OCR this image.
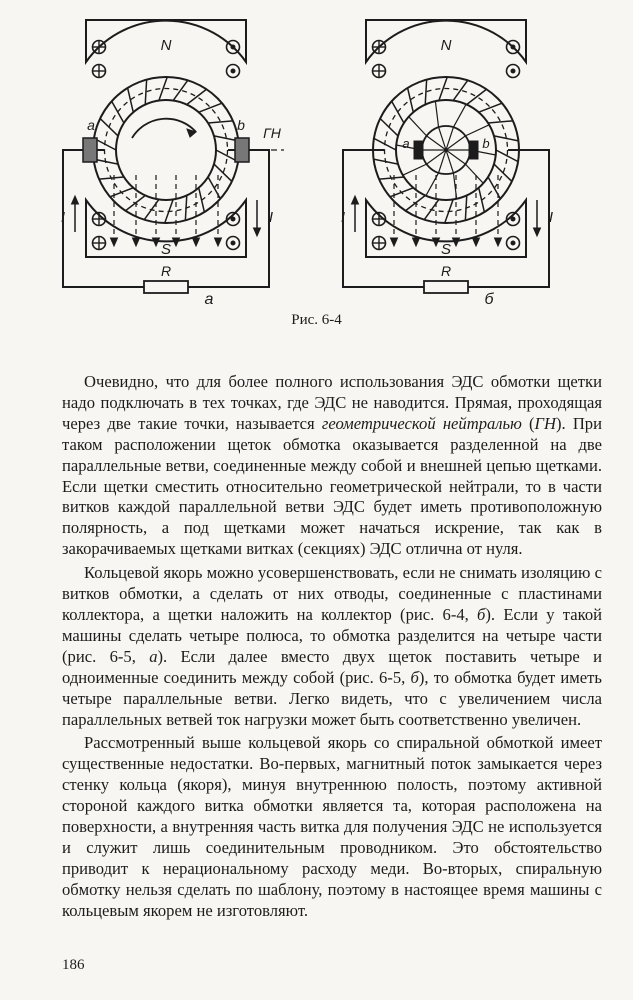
N
S
R
I	I
а
a	b ГН
N
S
R
I	I
б
a	b
Рис. 6-4

Очевидно, что для более полного использования ЭДС обмотки щетки надо подключать в тех точках, где ЭДС не наводится. Прямая, проходящая через две такие точки, называется геометрической нейтралью (ГН). При таком расположении щеток обмотка оказывается разделенной на две параллельные ветви, соединенные между собой и внешней цепью щетками. Если щетки сместить относительно геометрической нейтрали, то в части витков каждой параллельной ветви ЭДС будет иметь противоположную полярность, а под щетками может начаться искрение, так как в закорачиваемых щетками витках (секциях) ЭДС отлична от нуля.

Кольцевой якорь можно усовершенствовать, если не снимать изоляцию с витков обмотки, а сделать от них отводы, соединенные с пластинами коллектора, а щетки наложить на коллектор (рис. 6-4, б). Если у такой машины сделать четыре полюса, то обмотка разделится на четыре части (рис. 6-5, а). Если далее вместо двух щеток поставить четыре и одноименные соединить между собой (рис. 6-5, б), то обмотка будет иметь четыре параллельные ветви. Легко видеть, что с увеличением числа параллельных ветвей ток нагрузки может быть соответственно увеличен.

Рассмотренный выше кольцевой якорь со спиральной обмоткой имеет существенные недостатки. Во-первых, магнитный поток замыкается через стенку кольца (якоря), минуя внутреннюю полость, поэтому активной стороной каждого витка обмотки является та, которая расположена на поверхности, а внутренняя часть витка для получения ЭДС не используется и служит лишь соединительным проводником. Это обстоятельство приводит к нерациональному расходу меди. Во-вторых, спиральную обмотку нельзя сделать по шаблону, поэтому в настоящее время машины с кольцевым якорем не изготовляют.

186
